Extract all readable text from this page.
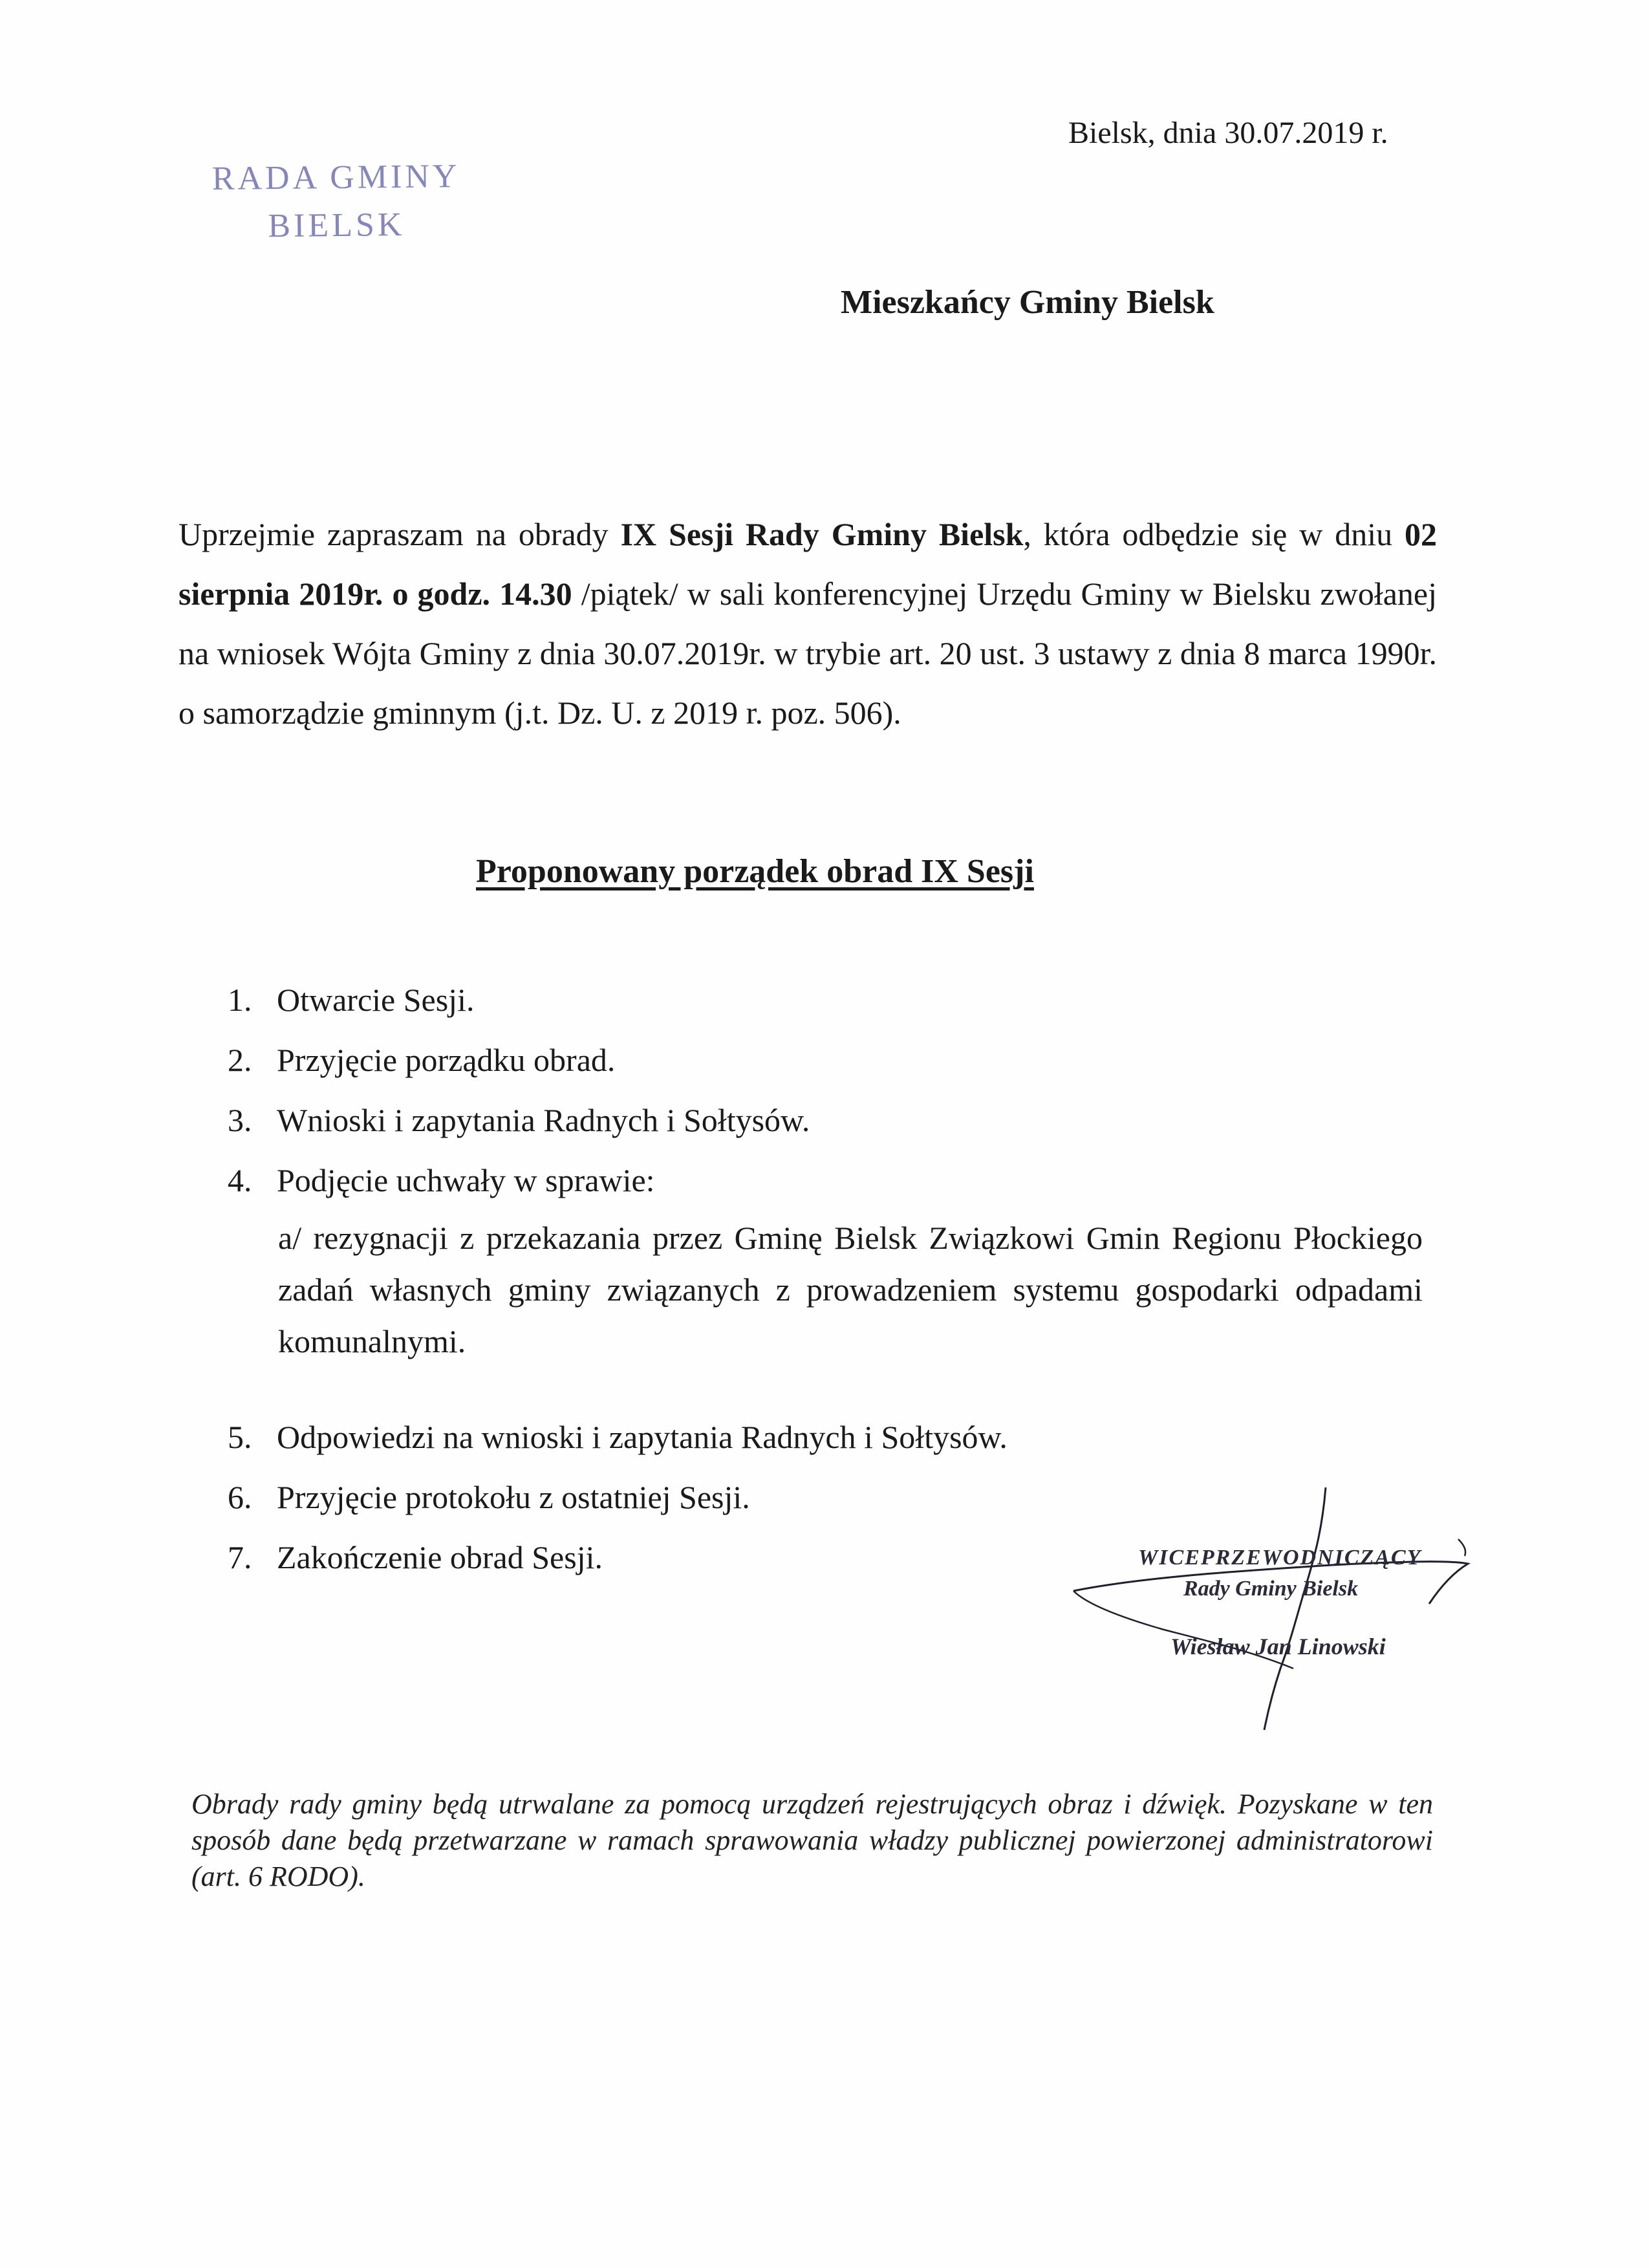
RADA GMINY
BIELSK
Bielsk, dnia 30.07.2019 r.
Mieszkańcy Gminy Bielsk
Uprzejmie zapraszam na obrady IX Sesji Rady Gminy Bielsk, która odbędzie się w dniu 02 sierpnia 2019r. o godz. 14.30 /piątek/ w sali konferencyjnej Urzędu Gminy w Bielsku zwołanej na wniosek Wójta Gminy z dnia 30.07.2019r. w trybie art. 20 ust. 3 ustawy z dnia 8 marca 1990r. o samorządzie gminnym (j.t. Dz. U. z 2019 r. poz. 506).
Proponowany porządek obrad IX Sesji
1. Otwarcie Sesji.
2. Przyjęcie porządku obrad.
3. Wnioski i zapytania Radnych i Sołtysów.
4. Podjęcie uchwały w sprawie:
a/ rezygnacji z przekazania przez Gminę Bielsk Związkowi Gmin Regionu Płockiego zadań własnych gminy związanych z prowadzeniem systemu gospodarki odpadami komunalnymi.
5. Odpowiedzi na wnioski i zapytania Radnych i Sołtysów.
6. Przyjęcie protokołu z ostatniej Sesji.
7. Zakończenie obrad Sesji.	WICEPRZEWODNICZĄCY
Rady Gminy Bielsk
Wiesław Jan Linowski
Obrady rady gminy będą utrwalane za pomocą urządzeń rejestrujących obraz i dźwięk. Pozyskane w ten sposób dane będą przetwarzane w ramach sprawowania władzy publicznej powierzonej administratorowi (art. 6 RODO).
